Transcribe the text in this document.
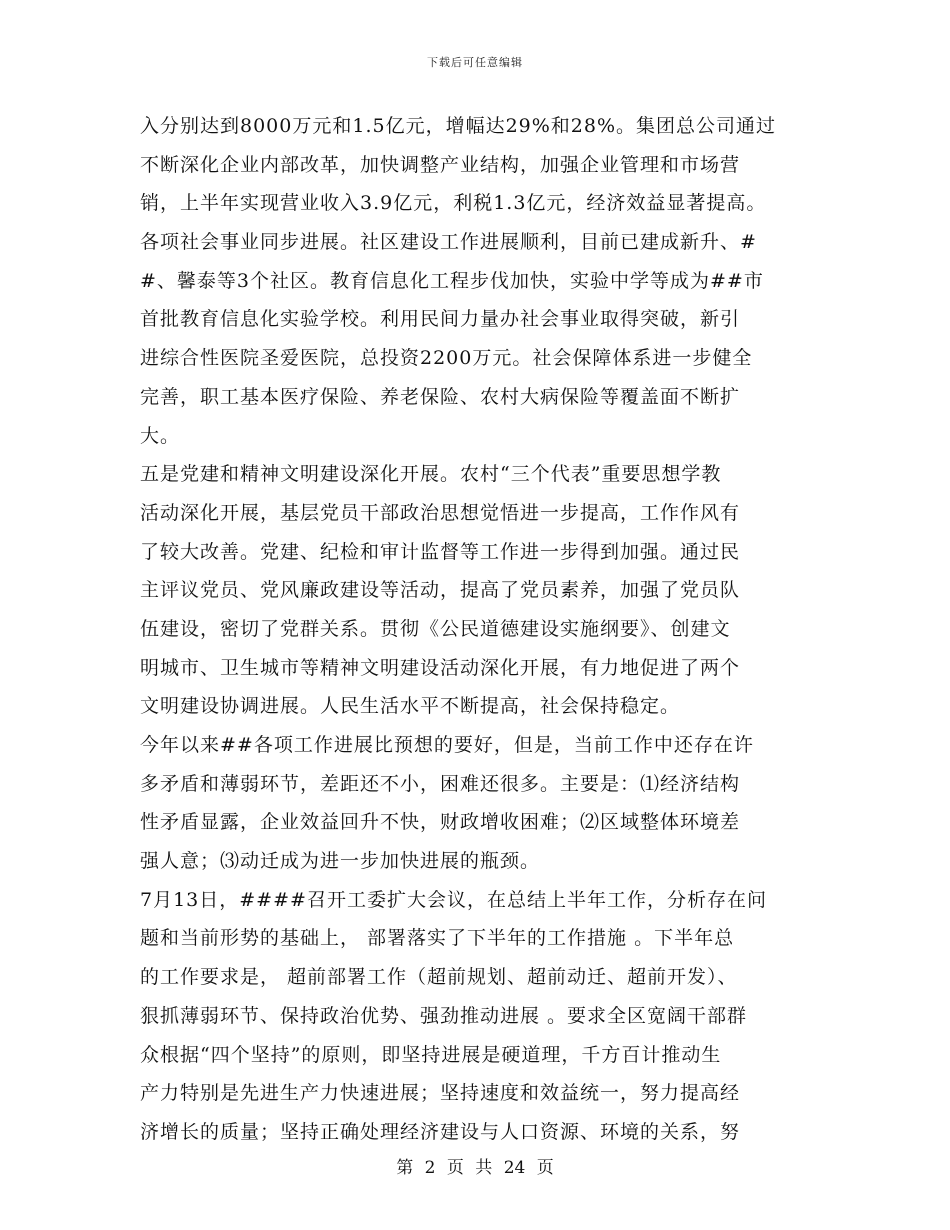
下载后可任意编辑
入分别达到8000万元和1.5亿元，增幅达29%和28%。集团总公司通过
不断深化企业内部改革，加快调整产业结构，加强企业管理和市场营
销，上半年实现营业收入3.9亿元，利税1.3亿元，经济效益显著提高。
各项社会事业同步进展。社区建设工作进展顺利，目前已建成新升、#
#、馨泰等3个社区。教育信息化工程步伐加快，实验中学等成为##市
首批教育信息化实验学校。利用民间力量办社会事业取得突破，新引
进综合性医院圣爱医院，总投资2200万元。社会保障体系进一步健全
完善，职工基本医疗保险、养老保险、农村大病保险等覆盖面不断扩
大。
五是党建和精神文明建设深化开展。农村“三个代表”重要思想学教
活动深化开展，基层党员干部政治思想觉悟进一步提高，工作作风有
了较大改善。党建、纪检和审计监督等工作进一步得到加强。通过民
主评议党员、党风廉政建设等活动，提高了党员素养，加强了党员队
伍建设，密切了党群关系。贯彻《公民道德建设实施纲要》、创建文
明城市、卫生城市等精神文明建设活动深化开展，有力地促进了两个
文明建设协调进展。人民生活水平不断提高，社会保持稳定。
今年以来##各项工作进展比预想的要好，但是，当前工作中还存在许
多矛盾和薄弱环节，差距还不小，困难还很多。主要是：⑴经济结构
性矛盾显露，企业效益回升不快，财政增收困难；⑵区域整体环境差
强人意；⑶动迁成为进一步加快进展的瓶颈。
7月13日，####召开工委扩大会议，在总结上半年工作，分析存在问
题和当前形势的基础上， 部署落实了下半年的工作措施 。下半年总
的工作要求是， 超前部署工作（超前规划、超前动迁、超前开发）、
狠抓薄弱环节、保持政治优势、强劲推动进展 。要求全区宽阔干部群
众根据“四个坚持”的原则，即坚持进展是硬道理，千方百计推动生
产力特别是先进生产力快速进展；坚持速度和效益统一，努力提高经
济增长的质量；坚持正确处理经济建设与人口资源、环境的关系，努
第 2 页 共 24 页
